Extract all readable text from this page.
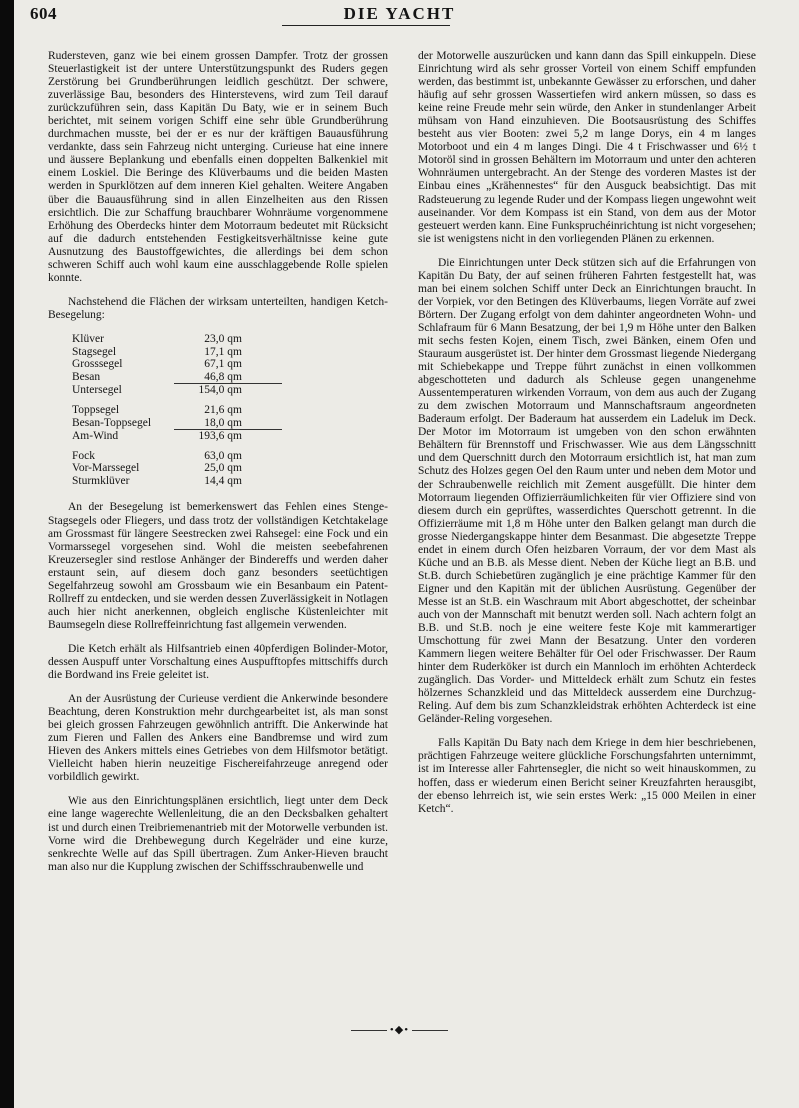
604	DIE YACHT

Rudersteven, ganz wie bei einem grossen Dampfer. Trotz der grossen Steuerlastigkeit ist der untere Unterstützungspunkt des Ruders gegen Zerstörung bei Grundberührungen leidlich geschützt. Der schwere, zuverlässige Bau, besonders des Hinterstevens, wird zum Teil darauf zurückzuführen sein, dass Kapitän Du Baty, wie er in seinem Buch berichtet, mit seinem vorigen Schiff eine sehr üble Grundberührung durchmachen musste, bei der er es nur der kräftigen Bauausführung verdankte, dass sein Fahrzeug nicht unterging. Curieuse hat eine innere und äussere Beplankung und ebenfalls einen doppelten Balkenkiel mit einem Loskiel. Die Beringe des Klüverbaums und die beiden Masten werden in Spurklötzen auf dem inneren Kiel gehalten. Weitere Angaben über die Bauausführung sind in allen Einzelheiten aus den Rissen ersichtlich. Die zur Schaffung brauchbarer Wohnräume vorgenommene Erhöhung des Oberdecks hinter dem Motorraum bedeutet mit Rücksicht auf die dadurch entstehenden Festigkeitsverhältnisse keine gute Ausnutzung des Baustoffgewichtes, die allerdings bei dem schon schweren Schiff auch wohl kaum eine ausschlaggebende Rolle spielen konnte.

Nachstehend die Flächen der wirksam unterteilten, handigen Ketch-Besegelung:

Klüver	23,0 qm
Stagsegel	17,1 qm
Grosssegel	67,1 qm
Besan	46,8 qm
Untersegel	154,0 qm
Toppsegel	21,6 qm
Besan-Toppsegel	18,0 qm
Am-Wind	193,6 qm
Fock	63,0 qm
Vor-Marssegel	25,0 qm
Sturmklüver	14,4 qm

An der Besegelung ist bemerkenswert das Fehlen eines Stenge-Stagsegels oder Fliegers, und dass trotz der vollständigen Ketchtakelage am Grossmast für längere Seestrecken zwei Rahsegel: eine Fock und ein Vormarssegel vorgesehen sind. Wohl die meisten seebefahrenen Kreuzersegler sind restlose Anhänger der Bindereffs und werden daher erstaunt sein, auf diesem doch ganz besonders seetüchtigen Segelfahrzeug sowohl am Grossbaum wie ein Besanbaum ein Patent-Rollreff zu entdecken, und sie werden dessen Zuverlässigkeit in Notlagen auch hier nicht anerkennen, obgleich englische Küstenleichter mit Baumsegeln diese Rollreffeinrichtung fast allgemein verwenden.

Die Ketch erhält als Hilfsantrieb einen 40pferdigen Bolinder-Motor, dessen Auspuff unter Vorschaltung eines Auspufftopfes mittschiffs durch die Bordwand ins Freie geleitet ist.

An der Ausrüstung der Curieuse verdient die Ankerwinde besondere Beachtung, deren Konstruktion mehr durchgearbeitet ist, als man sonst bei gleich grossen Fahrzeugen gewöhnlich antrifft. Die Ankerwinde hat zum Fieren und Fallen des Ankers eine Bandbremse und wird zum Hieven des Ankers mittels eines Getriebes von dem Hilfsmotor betätigt. Vielleicht haben hierin neuzeitige Fischereifahrzeuge anregend oder vorbildlich gewirkt.

Wie aus den Einrichtungsplänen ersichtlich, liegt unter dem Deck eine lange wagerechte Wellenleitung, die an den Decksbalken gehaltert ist und durch einen Treibriemenantrieb mit der Motorwelle verbunden ist. Vorne wird die Drehbewegung durch Kegelräder und eine kurze, senkrechte Welle auf das Spill übertragen. Zum Anker-Hieven braucht man also nur die Kupplung zwischen der Schiffsschraubenwelle und

der Motorwelle auszurücken und kann dann das Spill einkuppeln. Diese Einrichtung wird als sehr grosser Vorteil von einem Schiff empfunden werden, das bestimmt ist, unbekannte Gewässer zu erforschen, und daher häufig auf sehr grossen Wassertiefen wird ankern müssen, so dass es keine reine Freude mehr sein würde, den Anker in stundenlanger Arbeit mühsam von Hand einzuhieven. Die Bootsausrüstung des Schiffes besteht aus vier Booten: zwei 5,2 m lange Dorys, ein 4 m langes Motorboot und ein 4 m langes Dingi. Die 4 t Frischwasser und 6½ t Motoröl sind in grossen Behältern im Motorraum und unter den achteren Wohnräumen untergebracht. An der Stenge des vorderen Mastes ist der Einbau eines „Krähennestes“ für den Ausguck beabsichtigt. Das mit Radsteuerung zu legende Ruder und der Kompass liegen ungewohnt weit auseinander. Vor dem Kompass ist ein Stand, von dem aus der Motor gesteuert werden kann. Eine Funkspruchéinrichtung ist nicht vorgesehen; sie ist wenigstens nicht in den vorliegenden Plänen zu erkennen.

Die Einrichtungen unter Deck stützen sich auf die Erfahrungen von Kapitän Du Baty, der auf seinen früheren Fahrten festgestellt hat, was man bei einem solchen Schiff unter Deck an Einrichtungen braucht. In der Vorpiek, vor den Betingen des Klüverbaums, liegen Vorräte auf zwei Börtern. Der Zugang erfolgt von dem dahinter angeordneten Wohn- und Schlafraum für 6 Mann Besatzung, der bei 1,9 m Höhe unter den Balken mit sechs festen Kojen, einem Tisch, zwei Bänken, einem Ofen und Stauraum ausgerüstet ist. Der hinter dem Grossmast liegende Niedergang mit Schiebekappe und Treppe führt zunächst in einen vollkommen abgeschotteten und dadurch als Schleuse gegen unangenehme Aussentemperaturen wirkenden Vorraum, von dem aus auch der Zugang zu dem zwischen Motorraum und Mannschaftsraum angeordneten Baderaum erfolgt. Der Baderaum hat ausserdem ein Ladeluk im Deck. Der Motor im Motorraum ist umgeben von den schon erwähnten Behältern für Brennstoff und Frischwasser. Wie aus dem Längsschnitt und dem Querschnitt durch den Motorraum ersichtlich ist, hat man zum Schutz des Holzes gegen Oel den Raum unter und neben dem Motor und der Schraubenwelle reichlich mit Zement ausgefüllt. Die hinter dem Motorraum liegenden Offizierräumlichkeiten für vier Offiziere sind von diesem durch ein geprüftes, wasserdichtes Querschott getrennt. In die Offizierräume mit 1,8 m Höhe unter den Balken gelangt man durch die grosse Niedergangskappe hinter dem Besanmast. Die abgesetzte Treppe endet in einem durch Ofen heizbaren Vorraum, der vor dem Mast als Küche und an B.B. als Messe dient. Neben der Küche liegt an B.B. und St.B. durch Schiebetüren zugänglich je eine prächtige Kammer für den Eigner und den Kapitän mit der üblichen Ausrüstung. Gegenüber der Messe ist an St.B. ein Waschraum mit Abort abgeschottet, der scheinbar auch von der Mannschaft mit benutzt werden soll. Nach achtern folgt an B.B. und St.B. noch je eine weitere feste Koje mit kammerartiger Umschottung für zwei Mann der Besatzung. Unter den vorderen Kammern liegen weitere Behälter für Oel oder Frischwasser. Der Raum hinter dem Ruderköker ist durch ein Mannloch im erhöhten Achterdeck zugänglich. Das Vorder- und Mitteldeck erhält zum Schutz ein festes hölzernes Schanzkleid und das Mitteldeck ausserdem eine Durchzug-Reling. Auf dem bis zum Schanzkleidstrak erhöhten Achterdeck ist eine Geländer-Reling vorgesehen.

Falls Kapitän Du Baty nach dem Kriege in dem hier beschriebenen, prächtigen Fahrzeuge weitere glückliche Forschungsfahrten unternimmt, ist im Interesse aller Fahrtensegler, die nicht so weit hinauskommen, zu hoffen, dass er wiederum einen Bericht seiner Kreuzfahrten herausgibt, der ebenso lehrreich ist, wie sein erstes Werk: „15 000 Meilen in einer Ketch“.

•◆•
